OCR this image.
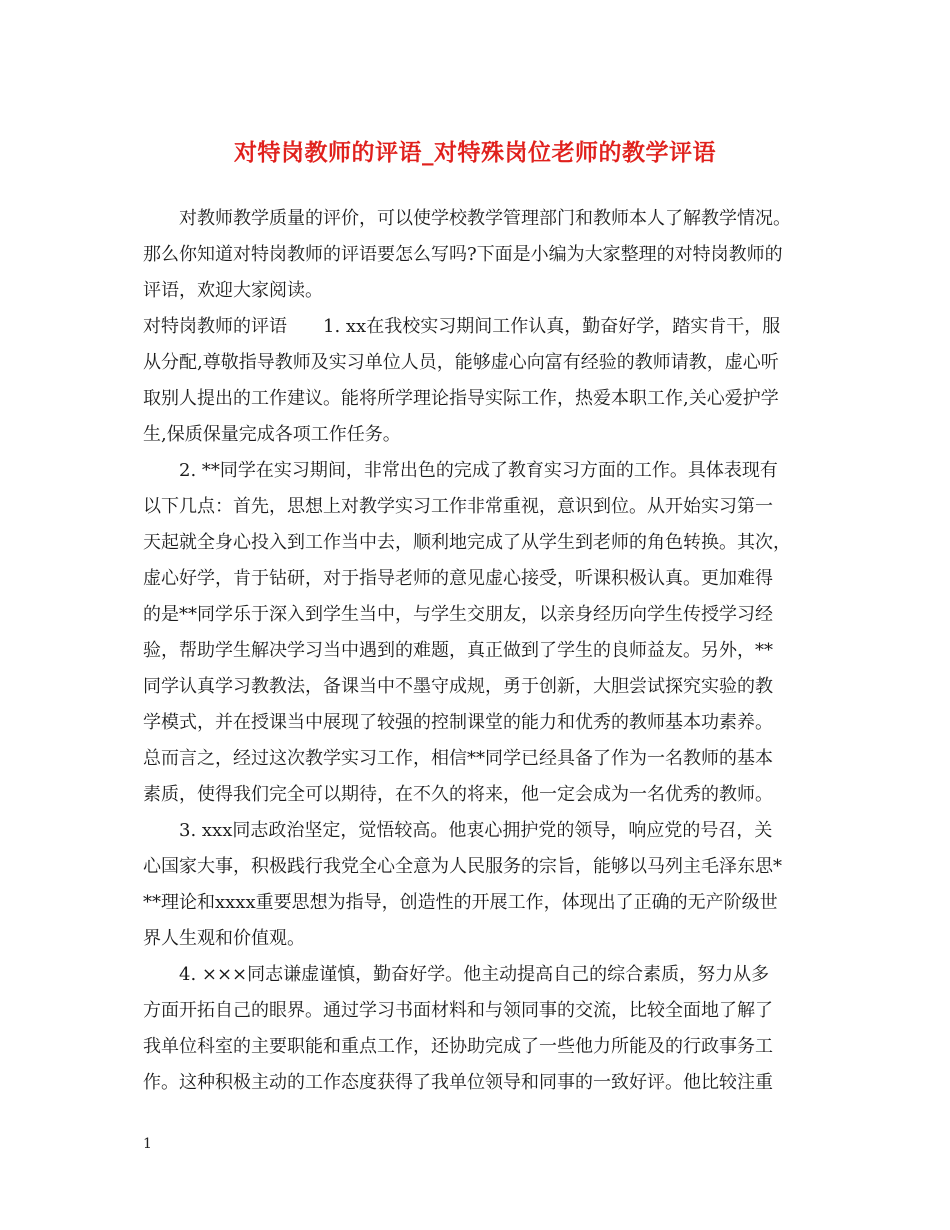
对特岗教师的评语_对特殊岗位老师的教学评语
　　对教师教学质量的评价，可以使学校教学管理部门和教师本人了解教学情况。
那么你知道对特岗教师的评语要怎么写吗?下面是小编为大家整理的对特岗教师的
评语，欢迎大家阅读。
对特岗教师的评语　　1. xx在我校实习期间工作认真，勤奋好学，踏实肯干，服
从分配,尊敬指导教师及实习单位人员，能够虚心向富有经验的教师请教，虚心听
取别人提出的工作建议。能将所学理论指导实际工作，热爱本职工作,关心爱护学
生,保质保量完成各项工作任务。
　　2. **同学在实习期间，非常出色的完成了教育实习方面的工作。具体表现有
以下几点：首先，思想上对教学实习工作非常重视，意识到位。从开始实习第一
天起就全身心投入到工作当中去，顺利地完成了从学生到老师的角色转换。其次，
虚心好学，肯于钻研，对于指导老师的意见虚心接受，听课积极认真。更加难得
的是**同学乐于深入到学生当中，与学生交朋友，以亲身经历向学生传授学习经
验，帮助学生解决学习当中遇到的难题，真正做到了学生的良师益友。另外，**
同学认真学习教教法，备课当中不墨守成规，勇于创新，大胆尝试探究实验的教
学模式，并在授课当中展现了较强的控制课堂的能力和优秀的教师基本功素养。
总而言之，经过这次教学实习工作，相信**同学已经具备了作为一名教师的基本
素质，使得我们完全可以期待，在不久的将来，他一定会成为一名优秀的教师。
　　3. xxx同志政治坚定，觉悟较高。他衷心拥护党的领导，响应党的号召，关
心国家大事，积极践行我党全心全意为人民服务的宗旨，能够以马列主毛泽东思*
**理论和xxxx重要思想为指导，创造性的开展工作，体现出了正确的无产阶级世
界人生观和价值观。
　　4. ×××同志谦虚谨慎，勤奋好学。他主动提高自己的综合素质，努力从多
方面开拓自己的眼界。通过学习书面材料和与领同事的交流，比较全面地了解了
我单位科室的主要职能和重点工作，还协助完成了一些他力所能及的行政事务工
作。这种积极主动的工作态度获得了我单位领导和同事的一致好评。他比较注重
1
